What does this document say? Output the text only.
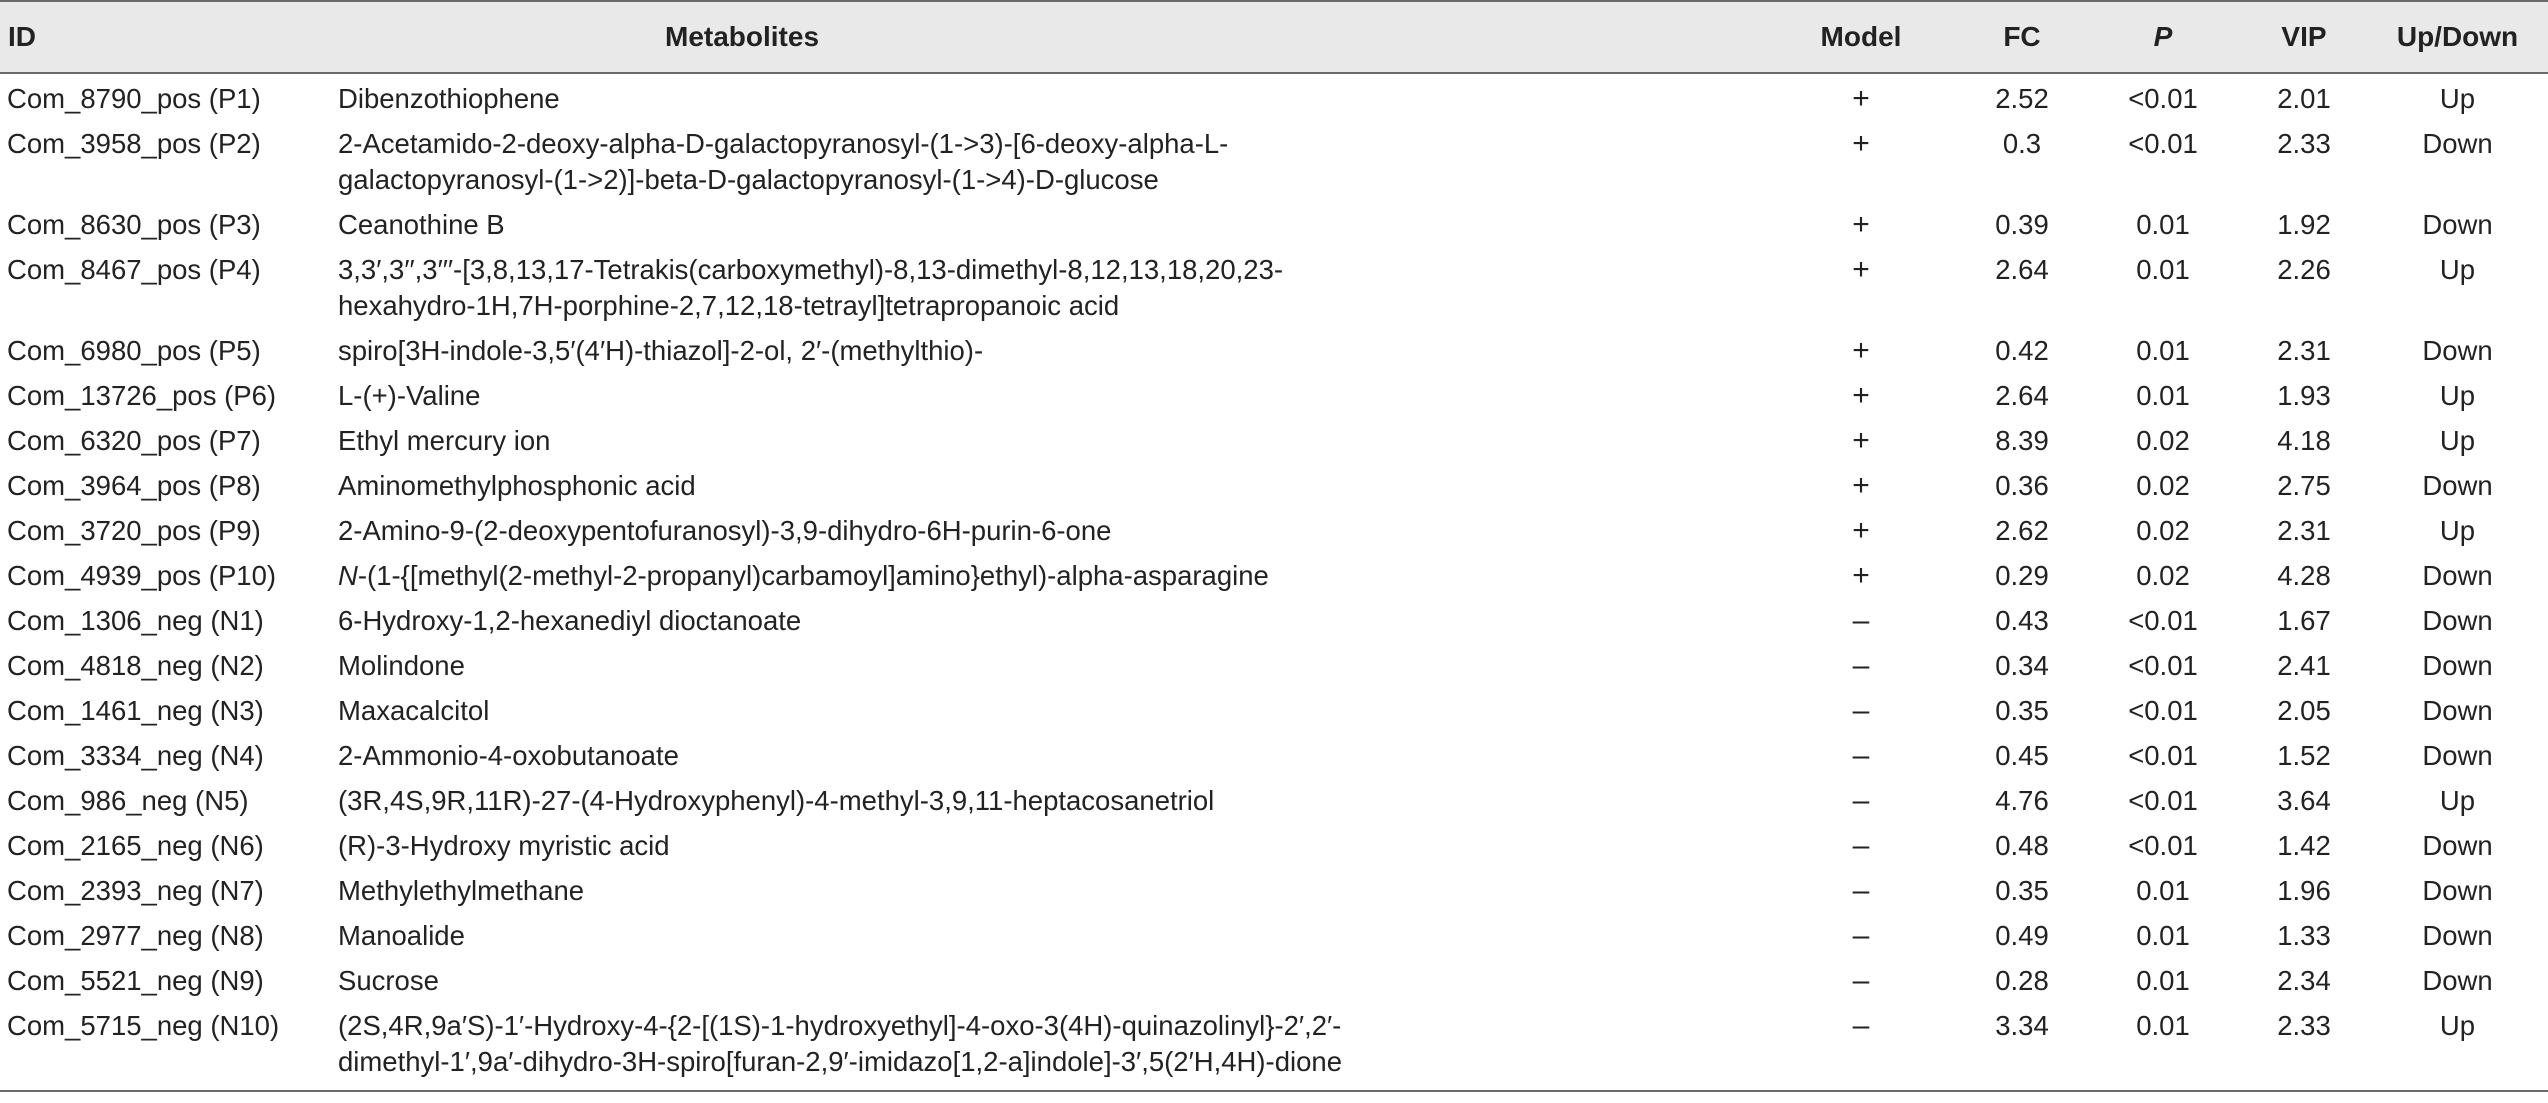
ID	Metabolites	Model	FC	P	VIP	Up/Down
Com_8790_pos (P1)	Dibenzothiophene	+	2.52	<0.01	2.01	Up
Com_3958_pos (P2)	2-Acetamido-2-deoxy-alpha-D-galactopyranosyl-(1->3)-[6-deoxy-alpha-L-
galactopyranosyl-(1->2)]-beta-D-galactopyranosyl-(1->4)-D-glucose	+	0.3	<0.01	2.33	Down
Com_8630_pos (P3)	Ceanothine B	+	0.39	0.01	1.92	Down
Com_8467_pos (P4)	3,3′,3′′,3′′′-[3,8,13,17-Tetrakis(carboxymethyl)-8,13-dimethyl-8,12,13,18,20,23-
hexahydro-1H,7H-porphine-2,7,12,18-tetrayl]tetrapropanoic acid	+	2.64	0.01	2.26	Up
Com_6980_pos (P5)	spiro[3H-indole-3,5′(4′H)-thiazol]-2-ol, 2′-(methylthio)-	+	0.42	0.01	2.31	Down
Com_13726_pos (P6)	L-(+)-Valine	+	2.64	0.01	1.93	Up
Com_6320_pos (P7)	Ethyl mercury ion	+	8.39	0.02	4.18	Up
Com_3964_pos (P8)	Aminomethylphosphonic acid	+	0.36	0.02	2.75	Down
Com_3720_pos (P9)	2-Amino-9-(2-deoxypentofuranosyl)-3,9-dihydro-6H-purin-6-one	+	2.62	0.02	2.31	Up
Com_4939_pos (P10)	N-(1-{[methyl(2-methyl-2-propanyl)carbamoyl]amino}ethyl)-alpha-asparagine	+	0.29	0.02	4.28	Down
Com_1306_neg (N1)	6-Hydroxy-1,2-hexanediyl dioctanoate	–	0.43	<0.01	1.67	Down
Com_4818_neg (N2)	Molindone	–	0.34	<0.01	2.41	Down
Com_1461_neg (N3)	Maxacalcitol	–	0.35	<0.01	2.05	Down
Com_3334_neg (N4)	2-Ammonio-4-oxobutanoate	–	0.45	<0.01	1.52	Down
Com_986_neg (N5)	(3R,4S,9R,11R)-27-(4-Hydroxyphenyl)-4-methyl-3,9,11-heptacosanetriol	–	4.76	<0.01	3.64	Up
Com_2165_neg (N6)	(R)-3-Hydroxy myristic acid	–	0.48	<0.01	1.42	Down
Com_2393_neg (N7)	Methylethylmethane	–	0.35	0.01	1.96	Down
Com_2977_neg (N8)	Manoalide	–	0.49	0.01	1.33	Down
Com_5521_neg (N9)	Sucrose	–	0.28	0.01	2.34	Down
Com_5715_neg (N10)	(2S,4R,9a′S)-1′-Hydroxy-4-{2-[(1S)-1-hydroxyethyl]-4-oxo-3(4H)-quinazolinyl}-2′,2′-
dimethyl-1′,9a′-dihydro-3H-spiro[furan-2,9′-imidazo[1,2-a]indole]-3′,5(2′H,4H)-dione	–	3.34	0.01	2.33	Up
